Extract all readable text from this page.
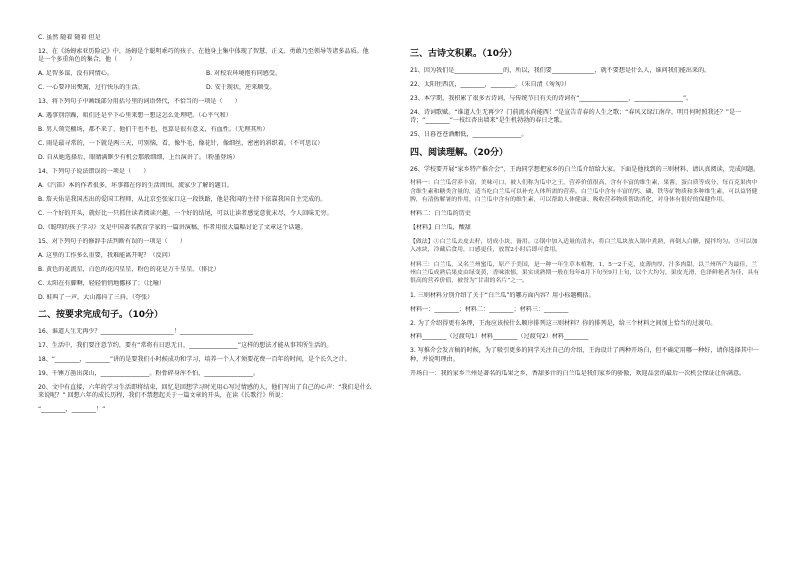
C. 虽然 随着 随着 但是
12、在《汤姆索亚历险记》中，汤姆是个聪明乖巧的孩子，在他身上集中体现了智慧、正义、勇敢乃至领导等诸多品质。他是一个多重角色的集合，他（　　）
A. 足智多谋，没有同情心。	B. 对校农环境抱有同感受。
C. 一心要冲出樊篱，过行快乐的生活。	D. 安于现状，逆来顺受。
13、将下列句子中画线部分用括号里的词语替代，不恰当的一项是（　　）
A. 遇事别浮躁，咱们还是平下心里来想一想这怎么处理吧。（心平气和）
B. 男人领完棚场，都不来了，他们干也不也，也算是很有意义，有血性。（无理其所）
C. 雨是最寻常的，一下就是两三天，可别恼，看，像牛毛，像花针，像细丝，密密的斜织着。（不可思议）
D. 自从她选择后，眼睛满眶少有机会那般细细，上台演讲了。（粉墨登场）
14、下列句子说法错误的一项是（　　）
A.《汽笛》本的作者很多，坏事都在你的生活周围，流家少了解的题目。
B. 詹天佑是我国杰出的爱国工程师，从北京至张家口这一段铁路，他是我国的主持下依靠我国自主完成的。
C. 一个好的开头，就好比一只抓住读者阅读兴趣，一个好的结尾，可以让读者感觉意犹未尽，令人回味无穷。
D.《聪明的孩子学习》文是中国著名教育学家的一篇讲演稿，作者用很大篇幅讨论了文章这个话题。
15、对下列句子的修辞手法判断有误的一项是（　　）
A. 这里的工作多么重要，我难能离开呢？（反问）
B. 黄色的花流星，白色的花闪星星，粉色的花是万千星星。（排比）
C. 太阳在有脚啊，轻轻悄悄地挪移了；（比喻）
D. 蛙叫了一声，大山都抖了三抖。（夸张）
二、按要求完成句子。（10分）
16、谁道人生无再少？________________________！________________________
17、生活中，我们要注意节约，要有“常将有日思无日，________________”这样的想法才能从事其所生活的。
18、“________，________”讲的是要我们小时候成功和学习，培养一个人才须要花费一百年的时间，是个长久之计。
19、千锤万凿出深山，________________。粉骨碎身浑不怕，________________。
20、文中有直接，六年的学习生活即将结束，回忆是回想学习时光用心写过情感的人，他们写出了自己的心声：“我们是什么来说呢？” 回想六年的成长历程，我们不禁想起关于一篇文章的开头，在读《长歌行》所说：
“________，________！”
三、古诗文积累。（10分）
21、因为我们是________________的，所以，我们要______________，就不要想是什么人，谁问我们能出来的。
22、太阳往西沉，________，________。（朱自清《匆匆》）
23、本学期，我积累了很多古诗词，与传统节日有关的诗词有“________________，________________”。
24、诗词歌赋。“谁道人生无再少？门前流水尚能西！”是宣告青春的人生之歌；“春风又绿江南岸，明月何时照我还？”是一诗；“________”一枝红杏出墙来”是生机勃勃的春日之歌。
25、日暮苍苍酒酣低，________________。
四、阅读理解。（20分）
26、学校要开展“家乡特产推介会”，王海同学想把家乡的白兰瓜介绍给大家。下面是他找到的三则材料，请认真阅读，完成问题。
材料一：白兰瓜营养丰富，美味可口，被人们称为瓜中之王，营养价值很高，含有丰富的维生素，果酱，蛋白质等成分，每百克果肉中含维生素和糖类含量的，适当吃白兰瓜可以补充人体所需的营养。白兰瓜中含有丰富的钙、磷、铁等矿物质和多种维生素，可以益肾健脾，有清热解暑的作用，白兰瓜中含有的维生素，可以帮助人体健康、吸收营养物质帮助消化，对身体有很好的保健作用。
材料二：白兰瓜的历史
【材料】白兰瓜，酸甜
【做法】①白兰瓜去皮去籽，切成小块，备用。②锅中加入适量的清水，将白兰瓜块放入锅中煮熟，再倒入白糖，搅拌均匀。③可以加入冰块，冷藏后食用，口感更佳，放置2小时后即可食用。
材料三：白兰瓜，又名兰州蜜瓜，原产于美国，是一种一年生草本植物，1、5一2千克，皮薄肉厚，汁多肉甜，以兰州所产为最佳，兰州白兰瓜成熟后果皮由绿变黄，香味浓郁，果实成熟期一般在每年8月下旬至9月上旬，以个大均匀，果皮光滑，色泽鲜艳者为佳，具有很高的营养价值，被誉为“甘肃的名片”之一。
1. 三则材料分别介绍了关于“白兰瓜”的哪方面内容？用小标题概括。
材料一：________；材料二：________；材料三：________
2. 为了介绍得更有条理，王海应该按什么顺序排列这三则材料？你的排列是，给三个材料之间加上恰当的过渡句。
材料________（过渡句1）材料________（过渡句2）材料________
3. 写推介会发言稿的时候，为了吸引更多的同学关注自己的介绍，王海设计了两种开场白，但不确定用哪一种好，请你选择其中一种，并说明理由。
开场白一：我的家乡兰州是著名的瓜果之乡，香甜多汁的白兰瓜是我们家乡的骄傲，欢迎品尝的最后一次机会保证让你满意。
